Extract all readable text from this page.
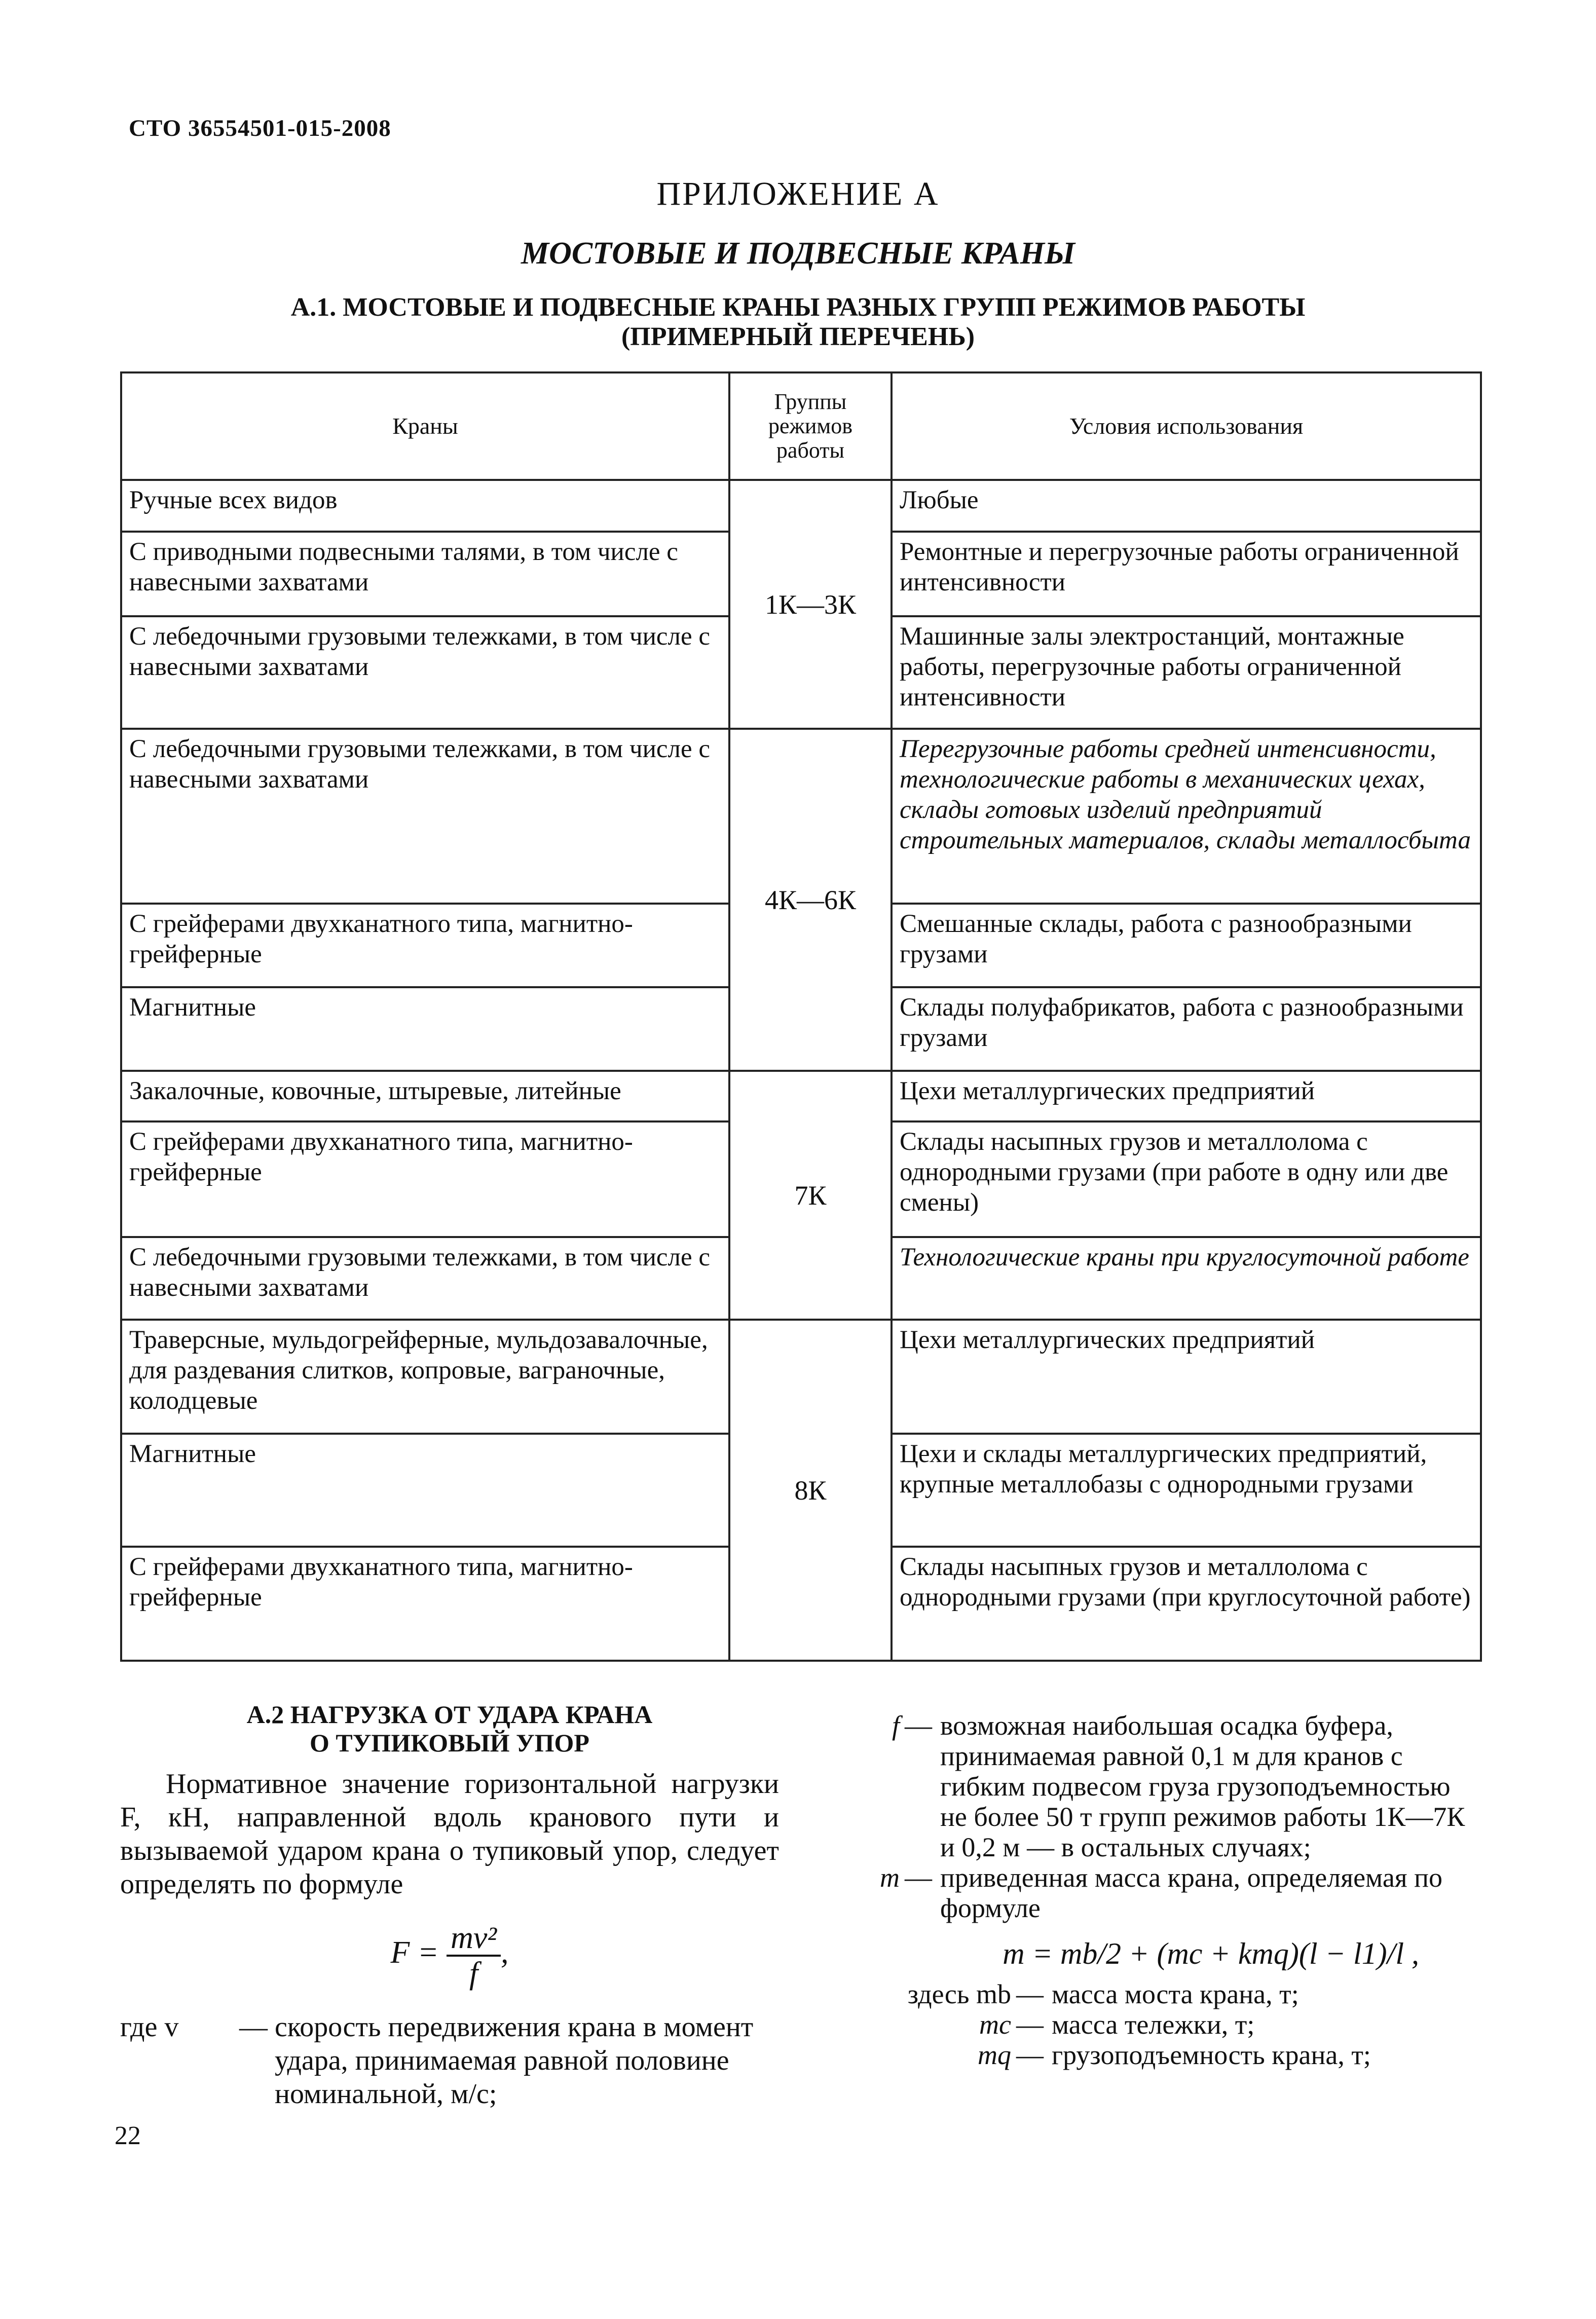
СТО 36554501-015-2008
ПРИЛОЖЕНИЕ А
МОСТОВЫЕ И ПОДВЕСНЫЕ КРАНЫ
А.1. МОСТОВЫЕ И ПОДВЕСНЫЕ КРАНЫ РАЗНЫХ ГРУПП РЕЖИМОВ РАБОТЫ
(ПРИМЕРНЫЙ ПЕРЕЧЕНЬ)
Краны	Группы режимов работы	Условия использования
Ручные всех видов	1К—3К	Любые
С приводными подвесными талями, в том числе с навесными захватами		Ремонтные и перегрузочные работы ограниченной интенсивности
С лебедочными грузовыми тележками, в том числе с навесными захватами		Машинные залы электростанций, монтажные работы, перегрузочные работы ограниченной интенсивности
С лебедочными грузовыми тележками, в том числе с навесными захватами	4К—6К	Перегрузочные работы средней интенсивности, технологические работы в механических цехах, склады готовых изделий предприятий строительных материалов, склады металлосбыта
С грейферами двухканатного типа, магнитно-грейферные		Смешанные склады, работа с разнообразными грузами
Магнитные		Склады полуфабрикатов, работа с разнообразными грузами
Закалочные, ковочные, штыревые, литейные	7К	Цехи металлургических предприятий
С грейферами двухканатного типа, магнитно-грейферные		Склады насыпных грузов и металлолома с однородными грузами (при работе в одну или две смены)
С лебедочными грузовыми тележками, в том числе с навесными захватами		Технологические краны при круглосуточной работе
Траверсные, мульдогрейферные, мульдозавалочные, для раздевания слитков, копровые, ваграночные, колодцевые	8К	Цехи металлургических предприятий
Магнитные		Цехи и склады металлургических предприятий, крупные металлобазы с однородными грузами
С грейферами двухканатного типа, магнитно-грейферные		Склады насыпных грузов и металлолома с однородными грузами (при круглосуточной работе)
А.2 НАГРУЗКА ОТ УДАРА КРАНА
О ТУПИКОВЫЙ УПОР

Нормативное значение горизонтальной нагрузки F, кН, направленной вдоль кранового пути и вызываемой ударом крана о тупиковый упор, следует определять по формуле

$F = \frac{\text{mv²}}{f}$ ,
где v	— скорость передвижения крана в момент удара, принимаемая равной половине номинальной, м/с;
f — возможная наибольшая осадка буфера, принимаемая равной 0,1 м для кранов с гибким подвесом груза грузоподъемностью не более 50 т групп режимов работы 1К—7К и 0,2 м — в остальных случаях;
m — приведенная масса крана, определяемая по формуле
m = mb/2 + (mc + kmq)(l − l1)/l ,
здесь mb — масса моста крана, т;
mc — масса тележки, т;
mq — грузоподъемность крана, т;
22
